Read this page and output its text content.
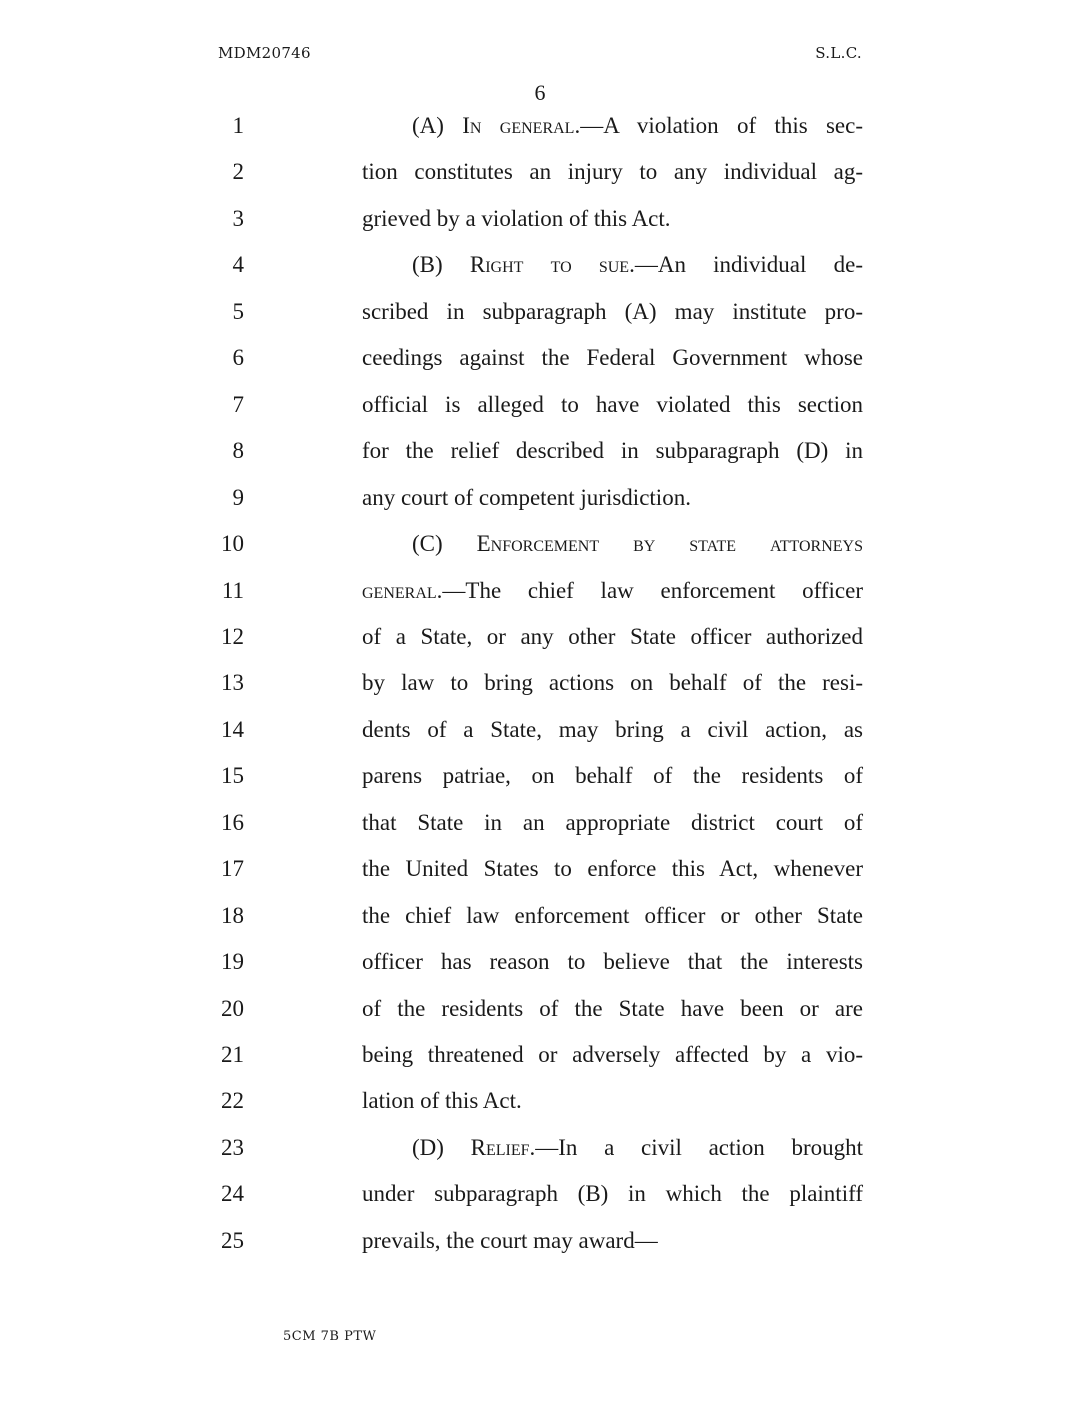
MDM20746	S.L.C.
6
1	(A) In general.—A violation of this sec-
2	tion constitutes an injury to any individual ag-
3	grieved by a violation of this Act.
4	(B) Right to sue.—An individual de-
5	scribed in subparagraph (A) may institute pro-
6	ceedings against the Federal Government whose
7	official is alleged to have violated this section
8	for the relief described in subparagraph (D) in
9	any court of competent jurisdiction.
10	(C) Enforcement by state attorneys
11	general.—The chief law enforcement officer
12	of a State, or any other State officer authorized
13	by law to bring actions on behalf of the resi-
14	dents of a State, may bring a civil action, as
15	parens patriae, on behalf of the residents of
16	that State in an appropriate district court of
17	the United States to enforce this Act, whenever
18	the chief law enforcement officer or other State
19	officer has reason to believe that the interests
20	of the residents of the State have been or are
21	being threatened or adversely affected by a vio-
22	lation of this Act.
23	(D) Relief.—In a civil action brought
24	under subparagraph (B) in which the plaintiff
25	prevails, the court may award—
5CM 7B PTW
